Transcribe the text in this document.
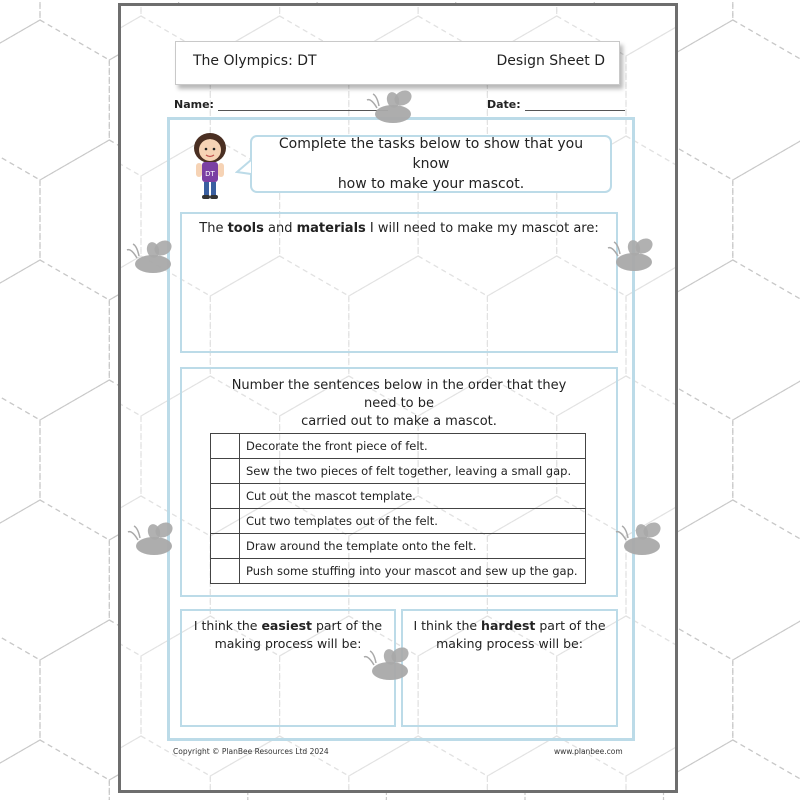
The Olympics: DT	Design Sheet D
Name:	Date:
DT
Complete the tasks below to show that you know
how to make your mascot.
The tools and materials I will need to make my mascot are:
Number the sentences below in the order that they need to be
carried out to make a mascot.
	Decorate the front piece of felt.
	Sew the two pieces of felt together, leaving a small gap.
	Cut out the mascot template.
	Cut two templates out of the felt.
	Draw around the template onto the felt.
	Push some stuffing into your mascot and sew up the gap.
I think the easiest part of the
making process will be:
I think the hardest part of the
making process will be:
Copyright © PlanBee Resources Ltd 2024	www.planbee.com
